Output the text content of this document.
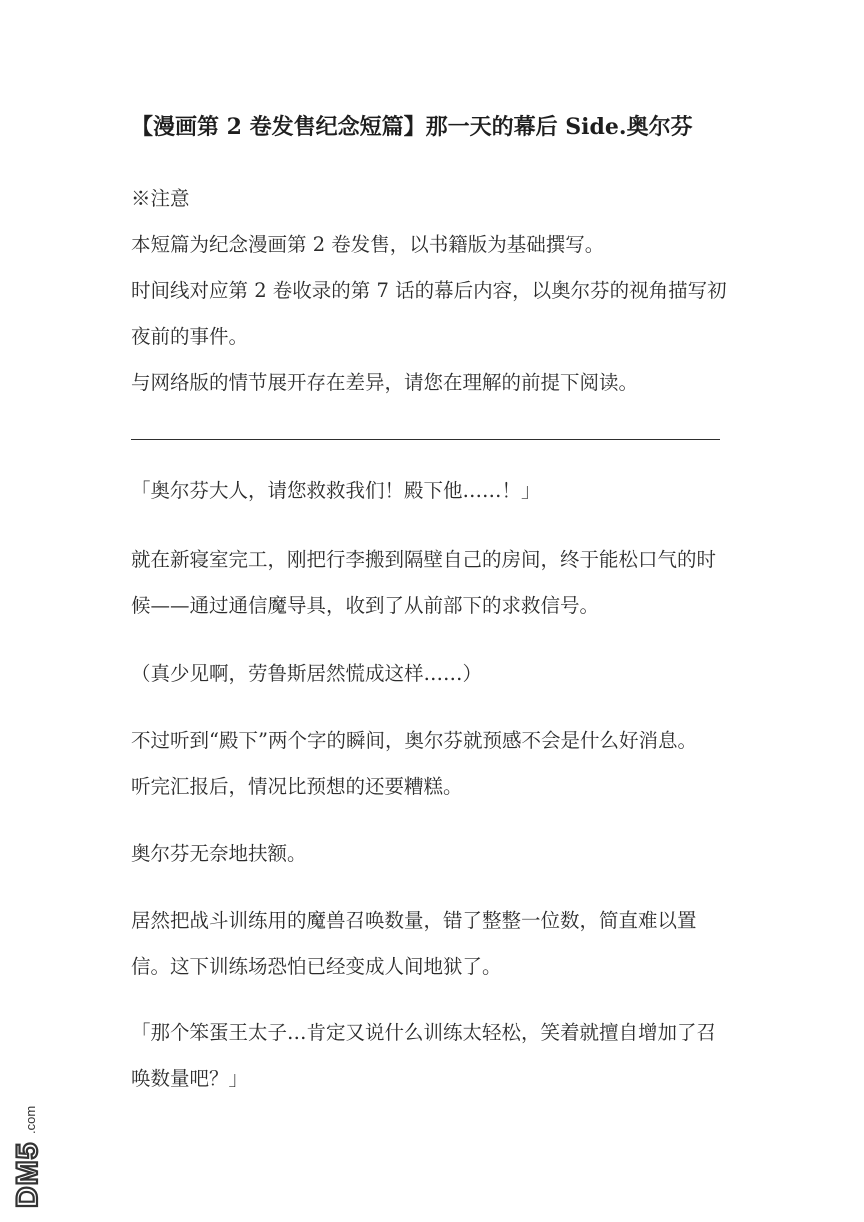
【漫画第 2 卷发售纪念短篇】那一天的幕后 Side.奥尔芬
※注意
本短篇为纪念漫画第 2 卷发售，以书籍版为基础撰写。
时间线对应第 2 卷收录的第 7 话的幕后内容，以奥尔芬的视角描写初
夜前的事件。
与网络版的情节展开存在差异，请您在理解的前提下阅读。
「奥尔芬大人，请您救救我们！殿下他……！」
就在新寝室完工，刚把行李搬到隔壁自己的房间，终于能松口气的时
候——通过通信魔导具，收到了从前部下的求救信号。
（真少见啊，劳鲁斯居然慌成这样……）
不过听到“殿下”两个字的瞬间，奥尔芬就预感不会是什么好消息。
听完汇报后，情况比预想的还要糟糕。
奥尔芬无奈地扶额。
居然把战斗训练用的魔兽召唤数量，错了整整一位数，简直难以置
信。这下训练场恐怕已经变成人间地狱了。
「那个笨蛋王太子…肯定又说什么训练太轻松，笑着就擅自增加了召
唤数量吧？」
DM5
.com
